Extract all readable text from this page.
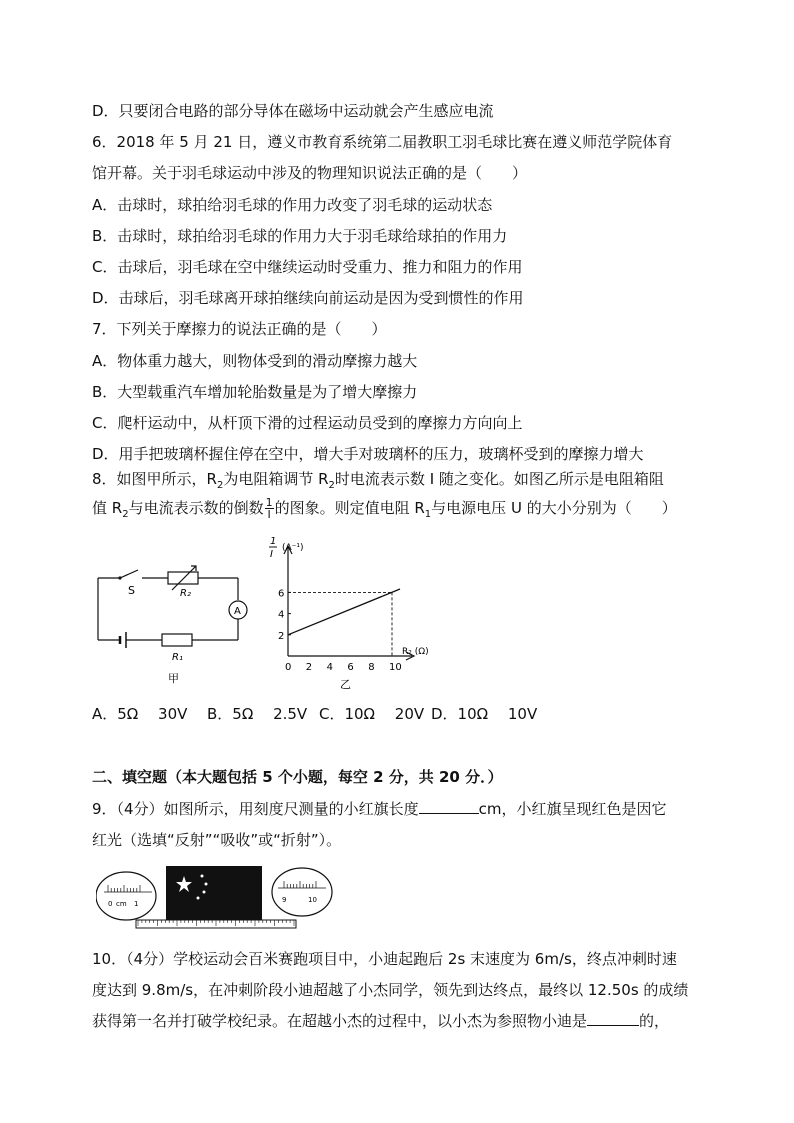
D．只要闭合电路的部分导体在磁场中运动就会产生感应电流
6．2018 年 5 月 21 日，遵义市教育系统第二届教职工羽毛球比赛在遵义师范学院体育
馆开幕。关于羽毛球运动中涉及的物理知识说法正确的是（　　）
A．击球时，球拍给羽毛球的作用力改变了羽毛球的运动状态
B．击球时，球拍给羽毛球的作用力大于羽毛球给球拍的作用力
C．击球后，羽毛球在空中继续运动时受重力、推力和阻力的作用
D．击球后，羽毛球离开球拍继续向前运动是因为受到惯性的作用
7．下列关于摩擦力的说法正确的是（　　）
A．物体重力越大，则物体受到的滑动摩擦力越大
B．大型载重汽车增加轮胎数量是为了增大摩擦力
C．爬杆运动中，从杆顶下滑的过程运动员受到的摩擦力方向向上
D．用手把玻璃杯握住停在空中，增大手对玻璃杯的压力，玻璃杯受到的摩擦力增大
8．如图甲所示，$R_2$为电阻箱调节 $R_2$时电流表示数 I 随之变化。如图乙所示是电阻箱阻
值 $R_2$与电流表示数的倒数 $\frac{1}{I}$ 的图象。则定值电阻 $R_1$与电源电压 U 的大小分别为（　　）
S	R₂
A
R₁
甲
1
I
(A⁻¹)
R₂ (Ω)
0 2 4 6 8 10
2
4
6
乙
A．5Ω　 30V B．5Ω　 2.5V C．10Ω　 20V D．10Ω　 10V
二、填空题（本大题包括 5 个小题，每空 2 分，共 20 分．）
9．（4分）如图所示，用刻度尺测量的小红旗长度	cm，小红旗呈现红色是因它
红光（选填“反射”“吸收”或“折射”）。
0 cm 1	9	10
10．（4分）学校运动会百米赛跑项目中，小迪起跑后 2s 末速度为 6m/s，终点冲刺时速
度达到 9.8m/s，在冲刺阶段小迪超越了小杰同学，领先到达终点，最终以 12.50s 的成绩
获得第一名并打破学校纪录。在超越小杰的过程中，以小杰为参照物小迪是	的，
